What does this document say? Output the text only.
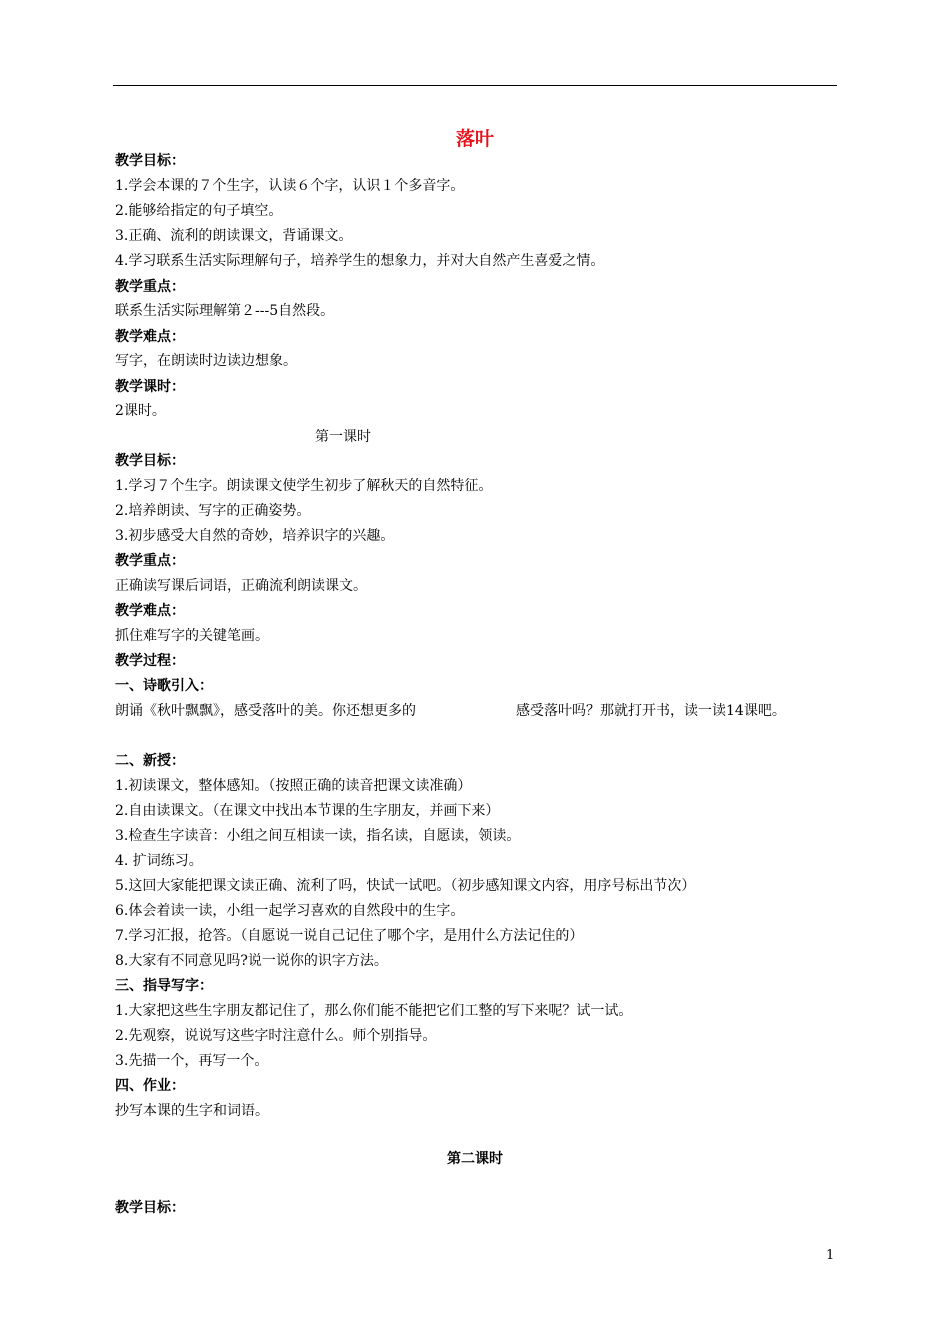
落叶
朗诵《秋叶飘飘》，感受落叶的美。你还想更多的	感受落叶吗？那就打开书，读一读14课吧。
第二课时
教学目标：
1
教学目标：
1.学会本课的７个生字，认读６个字，认识１个多音字。
2.能够给指定的句子填空。
3.正确、流利的朗读课文，背诵课文。
4.学习联系生活实际理解句子，培养学生的想象力，并对大自然产生喜爱之情。
教学重点：
联系生活实际理解第２---5自然段。
教学难点：
写字，在朗读时边读边想象。
教学课时：
2课时。
第一课时
教学目标：
1.学习７个生字。朗读课文使学生初步了解秋天的自然特征。
2.培养朗读、写字的正确姿势。
3.初步感受大自然的奇妙，培养识字的兴趣。
教学重点：
正确读写课后词语，正确流利朗读课文。
教学难点：
抓住难写字的关键笔画。
教学过程：
一、诗歌引入：
二、新授：
1.初读课文，整体感知。（按照正确的读音把课文读准确）
2.自由读课文。（在课文中找出本节课的生字朋友，并画下来）
3.检查生字读音：小组之间互相读一读，指名读，自愿读，领读。
4. 扩词练习。
5.这回大家能把课文读正确、流利了吗，快试一试吧。（初步感知课文内容，用序号标出节次）
6.体会着读一读，小组一起学习喜欢的自然段中的生字。
7.学习汇报，抢答。（自愿说一说自己记住了哪个字，是用什么方法记住的）
8.大家有不同意见吗?说一说你的识字方法。
三、指导写字：
1.大家把这些生字朋友都记住了，那么你们能不能把它们工整的写下来呢？试一试。
2.先观察，说说写这些字时注意什么。师个别指导。
3.先描一个，再写一个。
四、作业：
抄写本课的生字和词语。
